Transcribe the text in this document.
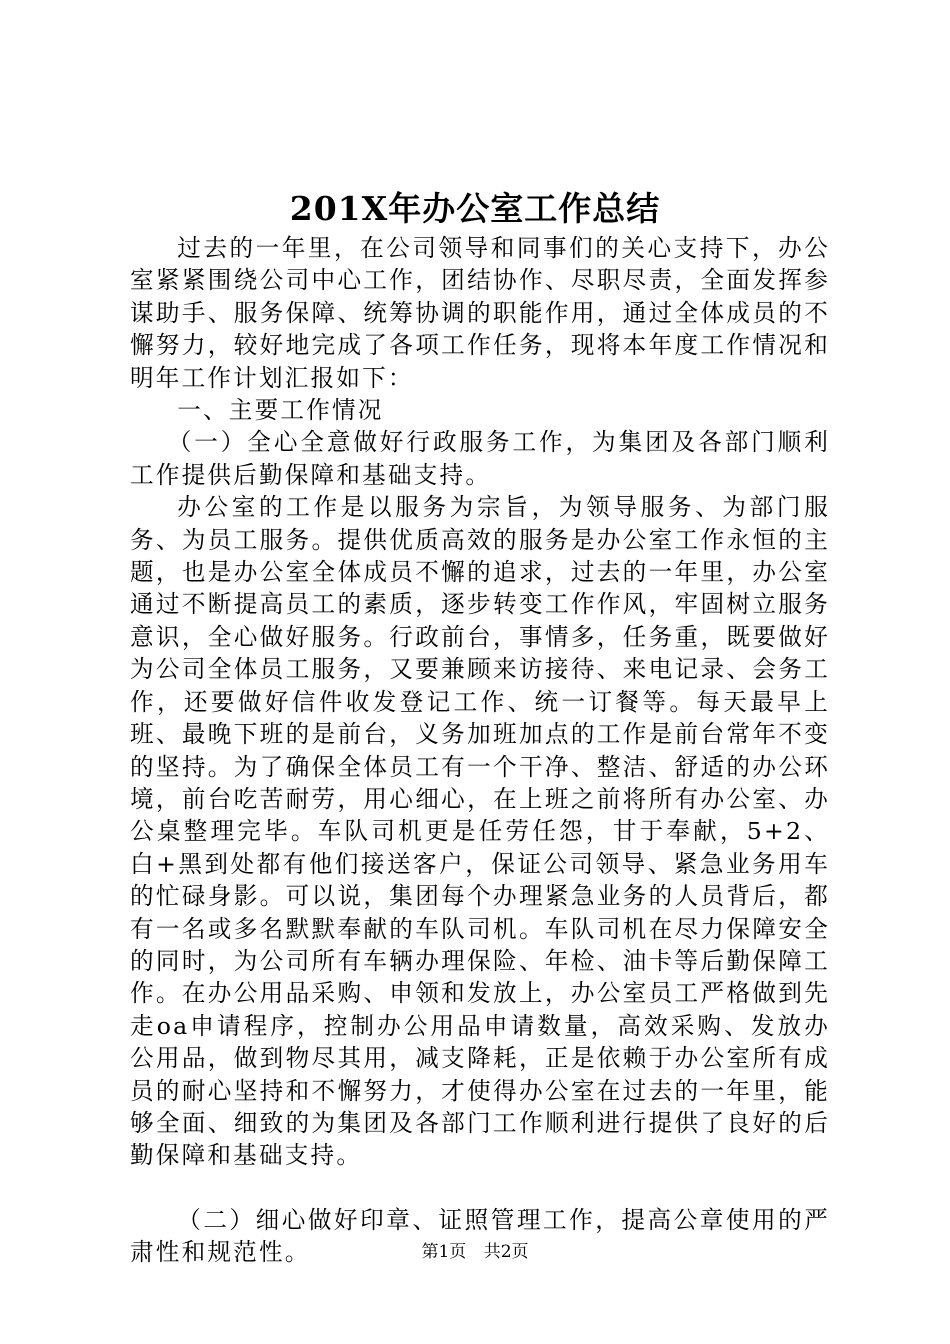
201X年办公室工作总结

过去的一年里，在公司领导和同事们的关心支持下，办公室紧紧围绕公司中心工作，团结协作、尽职尽责，全面发挥参谋助手、服务保障、统筹协调的职能作用，通过全体成员的不懈努力，较好地完成了各项工作任务，现将本年度工作情况和明年工作计划汇报如下：

一、主要工作情况

（一）全心全意做好行政服务工作，为集团及各部门顺利工作提供后勤保障和基础支持。

办公室的工作是以服务为宗旨，为领导服务、为部门服务、为员工服务。提供优质高效的服务是办公室工作永恒的主题，也是办公室全体成员不懈的追求，过去的一年里，办公室通过不断提高员工的素质，逐步转变工作作风，牢固树立服务意识，全心做好服务。行政前台，事情多，任务重，既要做好为公司全体员工服务，又要兼顾来访接待、来电记录、会务工作，还要做好信件收发登记工作、统一订餐等。每天最早上班、最晚下班的是前台，义务加班加点的工作是前台常年不变的坚持。为了确保全体员工有一个干净、整洁、舒适的办公环境，前台吃苦耐劳，用心细心，在上班之前将所有办公室、办公桌整理完毕。车队司机更是任劳任怨，甘于奉献，5+2、白+黑到处都有他们接送客户，保证公司领导、紧急业务用车的忙碌身影。可以说，集团每个办理紧急业务的人员背后，都有一名或多名默默奉献的车队司机。车队司机在尽力保障安全的同时，为公司所有车辆办理保险、年检、油卡等后勤保障工作。在办公用品采购、申领和发放上，办公室员工严格做到先走oa申请程序，控制办公用品申请数量，高效采购、发放办公用品，做到物尽其用，减支降耗，正是依赖于办公室所有成员的耐心坚持和不懈努力，才使得办公室在过去的一年里，能够全面、细致的为集团及各部门工作顺利进行提供了良好的后勤保障和基础支持。

（二）细心做好印章、证照管理工作，提高公章使用的严肃性和规范性。	第1页 共2页
